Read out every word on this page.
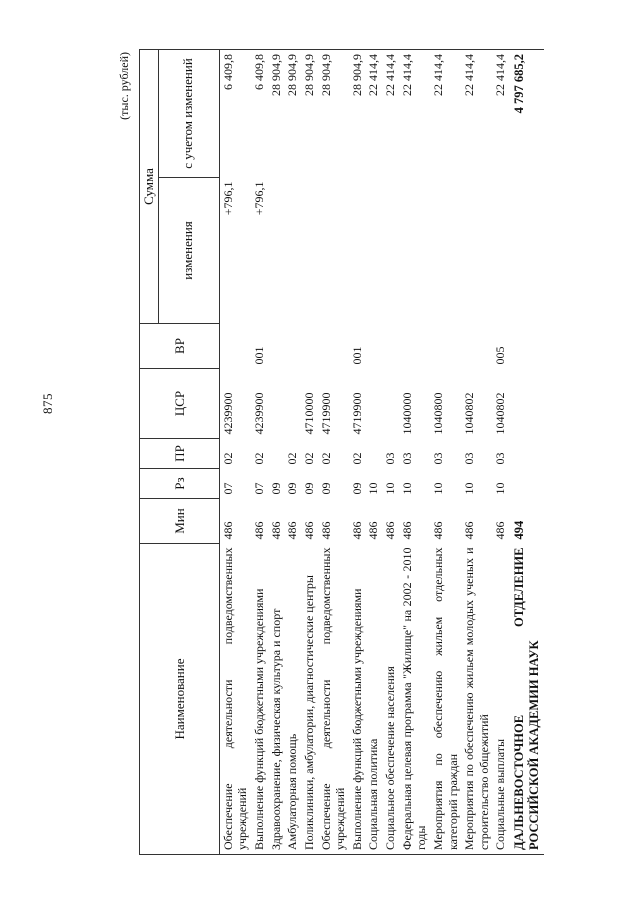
875
(тыс. рублей)
Наименование	Мин	Рз	ПР	ЦСР	ВР	Сумма	
						изменения	с учетом изменений
Обеспечение деятельности подведомственных учреждений	486	07	02	4239900		+796,1	6 409,8
Выполнение функций бюджетными учреждениями	486	07	02	4239900	001	+796,1	6 409,8
Здравоохранение, физическая культура и спорт	486	09					28 904,9
Амбулаторная помощь	486	09	02				28 904,9
Поликлиники, амбулатории, диагностические центры	486	09	02	4710000			28 904,9
Обеспечение деятельности подведомственных учреждений	486	09	02	4719900			28 904,9
Выполнение функций бюджетными учреждениями	486	09	02	4719900	001		28 904,9
Социальная политика	486	10					22 414,4
Социальное обеспечение населения	486	10	03				22 414,4
Федеральная целевая программа "Жилище" на 2002 - 2010 годы	486	10	03	1040000			22 414,4
Мероприятия по обеспечению жильем отдельных категорий граждан	486	10	03	1040800			22 414,4
Мероприятия по обеспечению жильем молодых ученых и строительство общежитий	486	10	03	1040802			22 414,4
Социальные выплаты	486	10	03	1040802	005		22 414,4
ДАЛЬНЕВОСТОЧНОЕ ОТДЕЛЕНИЕ РОССИЙСКОЙ АКАДЕМИИ НАУК	494						4 797 685,2
